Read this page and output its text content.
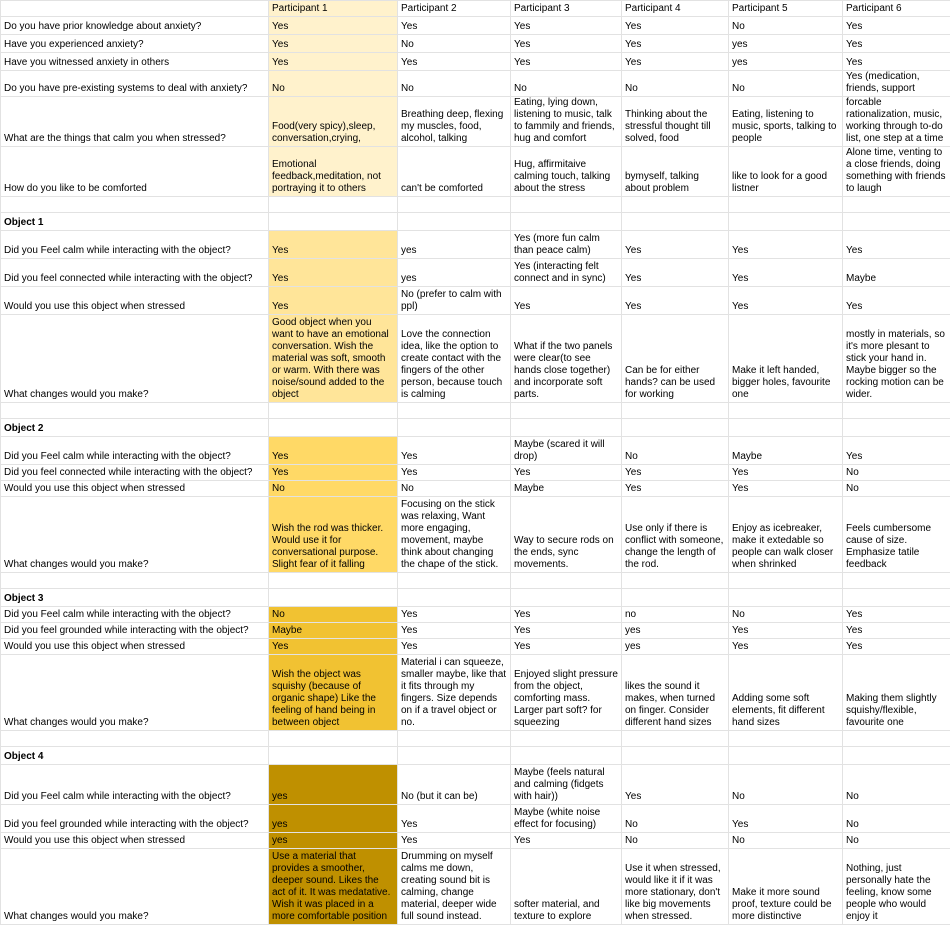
	Participant 1	Participant 2	Participant 3	Participant 4	Participant 5	Participant 6
Do you have prior knowledge about anxiety?	Yes	Yes	Yes	Yes	No	Yes
Have you experienced anxiety?	Yes	No	Yes	Yes	yes	Yes
Have you witnessed anxiety in others	Yes	Yes	Yes	Yes	yes	Yes
Do you have pre-existing systems to deal with anxiety?	No	No	No	No	No	Yes (medication, friends, support
What are the things that calm you when stressed?	Food(very spicy),sleep, conversation,crying,	Breathing deep, flexing my muscles, food, alcohol, talking	Eating, lying down, listening to music, talk to fammily and friends, hug and comfort	Thinking about the stressful thought till solved, food	Eating, listening to music, sports, talking to people	forcable rationalization, music, working through to-do list, one step at a time
How do you like to be comforted	Emotional feedback,meditation, not portraying it to others	can't be comforted	Hug, affirmitaive calming touch, talking about the stress	bymyself, talking about problem	like to look for a good listner	Alone time, venting to a close friends, doing something with friends to laugh

Object 1						
Did you Feel calm while interacting with the object?	Yes	yes	Yes (more fun calm than peace calm)	Yes	Yes	Yes
Did you feel connected while interacting with the object?	Yes	yes	Yes (interacting felt connect and in sync)	Yes	Yes	Maybe
Would you use this object when stressed	Yes	No (prefer to calm with ppl)	Yes	Yes	Yes	Yes
What changes would you make?	Good object when you want to have an emotional conversation. Wish the material was soft, smooth or warm. With there was noise/sound added to the object	Love the connection idea, like the option to create contact with the fingers of the other person, because touch is calming	What if the two panels were clear(to see hands close together) and incorporate soft parts.	Can be for either hands? can be used for working	Make it left handed, bigger holes, favourite one	mostly in materials, so it's more plesant to stick your hand in. Maybe bigger so the rocking motion can be wider.

Object 2						
Did you Feel calm while interacting with the object?	Yes	Yes	Maybe (scared it will drop)	No	Maybe	Yes
Did you feel connected while interacting with the object?	Yes	Yes	Yes	Yes	Yes	No
Would you use this object when stressed	No	No	Maybe	Yes	Yes	No
What changes would you make?	Wish the rod was thicker. Would use it for conversational purpose. Slight fear of it falling	Focusing on the stick was relaxing, Want more engaging, movement, maybe think about changing the chape of the stick.	Way to secure rods on the ends, sync movements.	Use only if there is conflict with someone, change the length of the rod.	Enjoy as icebreaker, make it extedable so people can walk closer when shrinked	Feels cumbersome cause of size. Emphasize tatile feedback

Object 3						
Did you Feel calm while interacting with the object?	No	Yes	Yes	no	No	Yes
Did you feel grounded while interacting with the object?	Maybe	Yes	Yes	yes	Yes	Yes
Would you use this object when stressed	Yes	Yes	Yes	yes	Yes	Yes
What changes would you make?	Wish the object was squishy (because of organic shape) Like the feeling of hand being in between object	Material i can squeeze, smaller maybe, like that it fits through my fingers. Size depends on if a travel object or no.	Enjoyed slight pressure from the object, comforting mass. Larger part soft? for squeezing	likes the sound it makes, when turned on finger. Consider different hand sizes	Adding some soft elements, fit different hand sizes	Making them slightly squishy/flexible, favourite one

Object 4						
Did you Feel calm while interacting with the object?	yes	No (but it can be)	Maybe (feels natural and calming (fidgets with hair))	Yes	No	No
Did you feel grounded while interacting with the object?	yes	Yes	Maybe (white noise effect for focusing)	No	Yes	No
Would you use this object when stressed	yes	Yes	Yes	No	No	No
What changes would you make?	Use a material that provides a smoother, deeper sound. Likes the act of it. It was medatative. Wish it was placed in a more comfortable position	Drumming on myself calms me down, creating sound bit is calming, change material, deeper wide full sound instead.	softer material, and texture to explore	Use it when stressed, would like it if it was more stationary, don't like big movements when stressed.	Make it more sound proof, texture could be more distinctive	Nothing, just personally hate the feeling, know some people who would enjoy it
